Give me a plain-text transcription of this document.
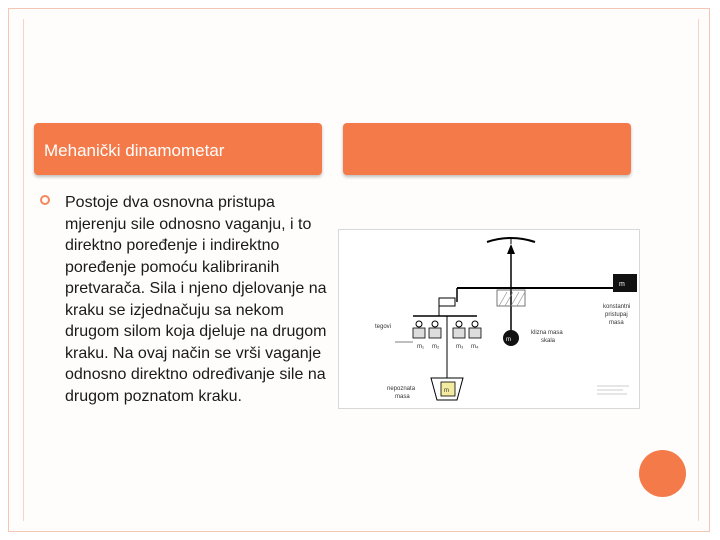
Mehanički dinamometar
Postoje dva osnovna pristupa mjerenju sile odnosno vaganju, i to direktno poređenje i indirektno poređenje pomoću kalibriranih pretvarača. Sila i njeno djelovanje na kraku se izjednačuju sa nekom drugom silom koja djeluje na drugom kraku. Na ovaj način se vrši vaganje odnosno direktno određivanje sile na drugom poznatom kraku.
m₁ m₂	m₃ m₄
tegovi
m
nepoznata
masa
m
konstantni
pristupaj
masa
m
klizna masa
skala
